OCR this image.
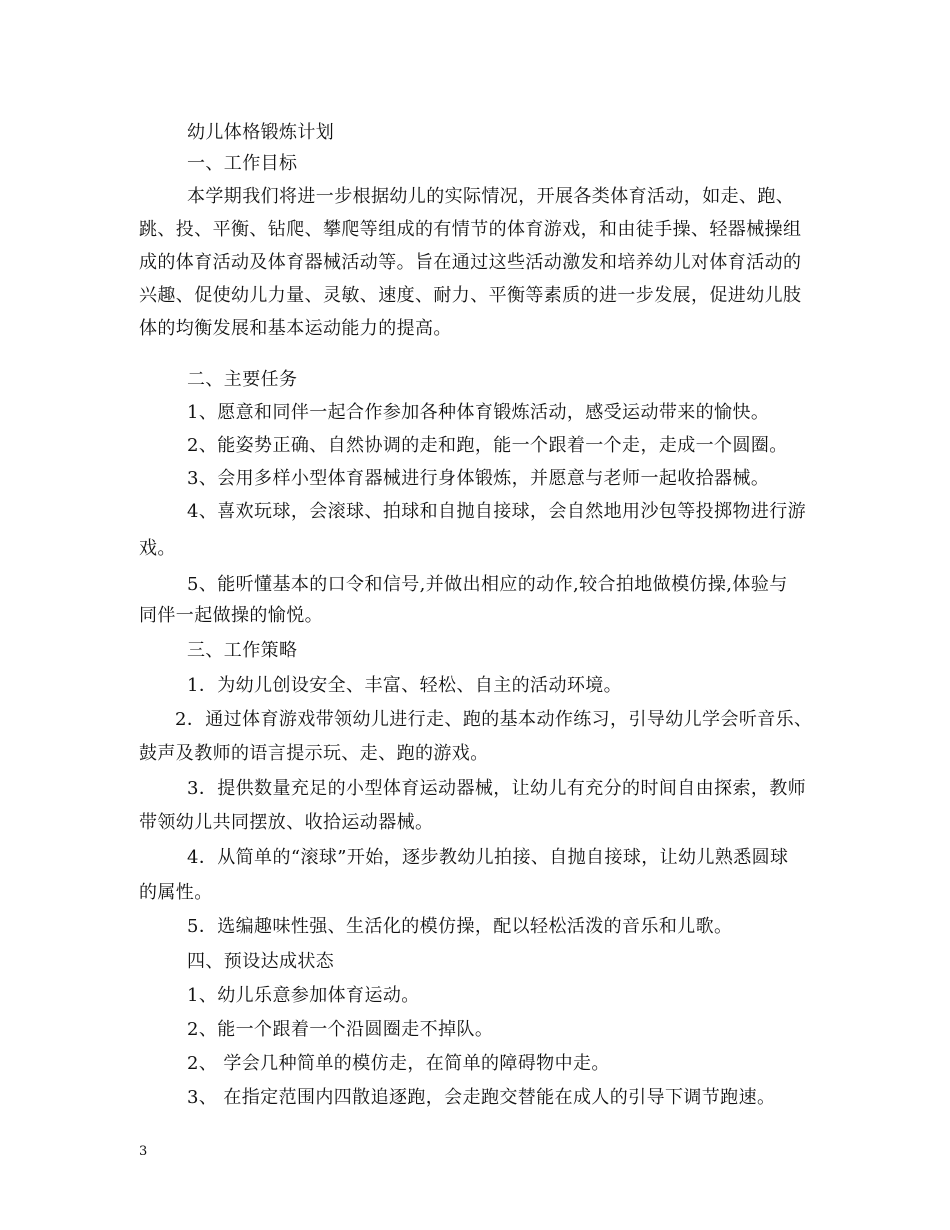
幼儿体格锻炼计划
一、工作目标
本学期我们将进一步根据幼儿的实际情况，开展各类体育活动，如走、跑、
跳、投、平衡、钻爬、攀爬等组成的有情节的体育游戏，和由徒手操、轻器械操组
成的体育活动及体育器械活动等。旨在通过这些活动激发和培养幼儿对体育活动的
兴趣、促使幼儿力量、灵敏、速度、耐力、平衡等素质的进一步发展，促进幼儿肢
体的均衡发展和基本运动能力的提高。
二、主要任务
1、愿意和同伴一起合作参加各种体育锻炼活动，感受运动带来的愉快。
2、能姿势正确、自然协调的走和跑，能一个跟着一个走，走成一个圆圈。
3、会用多样小型体育器械进行身体锻炼，并愿意与老师一起收拾器械。
4、喜欢玩球，会滚球、拍球和自抛自接球，会自然地用沙包等投掷物进行游
戏。
5、能听懂基本的口令和信号,并做出相应的动作,较合拍地做模仿操,体验与
同伴一起做操的愉悦。
三、工作策略
1．为幼儿创设安全、丰富、轻松、自主的活动环境。
2．通过体育游戏带领幼儿进行走、跑的基本动作练习，引导幼儿学会听音乐、
鼓声及教师的语言提示玩、走、跑的游戏。
3．提供数量充足的小型体育运动器械，让幼儿有充分的时间自由探索，教师
带领幼儿共同摆放、收拾运动器械。
4．从简单的“滚球”开始，逐步教幼儿拍接、自抛自接球，让幼儿熟悉圆球
的属性。
5．选编趣味性强、生活化的模仿操，配以轻松活泼的音乐和儿歌。
四、预设达成状态
1、幼儿乐意参加体育运动。
2、能一个跟着一个沿圆圈走不掉队。
2、 学会几种简单的模仿走，在简单的障碍物中走。
3、 在指定范围内四散追逐跑，会走跑交替能在成人的引导下调节跑速。
3
